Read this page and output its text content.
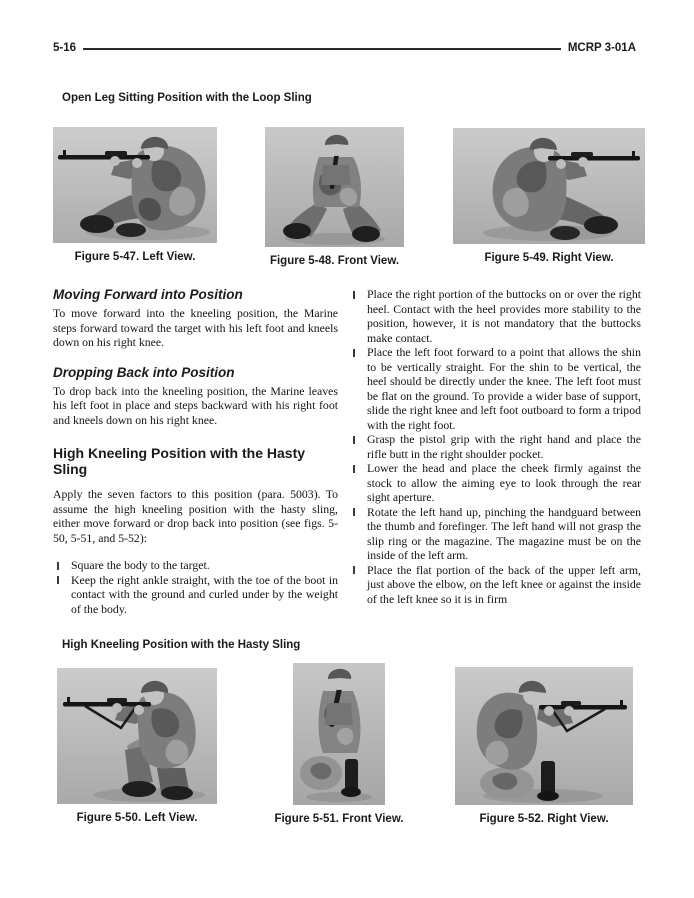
5-16	MCRP 3-01A
Open Leg Sitting Position with the Loop Sling
Figure 5-47. Left View.	Figure 5-48. Front View.	Figure 5-49. Right View.
Moving Forward into Position

To move forward into the kneeling position, the Marine steps forward toward the target with his left foot and kneels down on his right knee.

Dropping Back into Position

To drop back into the kneeling position, the Marine leaves his left foot in place and steps backward with his right foot and kneels down on his right knee.

High Kneeling Position with the Hasty Sling

Apply the seven factors to this position (para. 5003). To assume the high kneeling position with the hasty sling, either move forward or drop back into position (see figs. 5-50, 5-51, and 5-52):

Square the body to the target.
Keep the right ankle straight, with the toe of the boot in contact with the ground and curled under by the weight of the body.
Place the right portion of the buttocks on or over the right heel. Contact with the heel provides more stability to the position, however, it is not mandatory that the buttocks make contact.
Place the left foot forward to a point that allows the shin to be vertically straight. For the shin to be vertical, the heel should be directly under the knee. The left foot must be flat on the ground. To provide a wider base of support, slide the right knee and left foot outboard to form a tripod with the right foot.
Grasp the pistol grip with the right hand and place the rifle butt in the right shoulder pocket.
Lower the head and place the cheek firmly against the stock to allow the aiming eye to look through the rear sight aperture.
Rotate the left hand up, pinching the handguard between the thumb and forefinger. The left hand will not grasp the slip ring or the magazine. The magazine must be on the inside of the left arm.
Place the flat portion of the back of the upper left arm, just above the elbow, on the left knee or against the inside of the left knee so it is in firm
High Kneeling Position with the Hasty Sling
Figure 5-50. Left View.	Figure 5-51. Front View.	Figure 5-52. Right View.
